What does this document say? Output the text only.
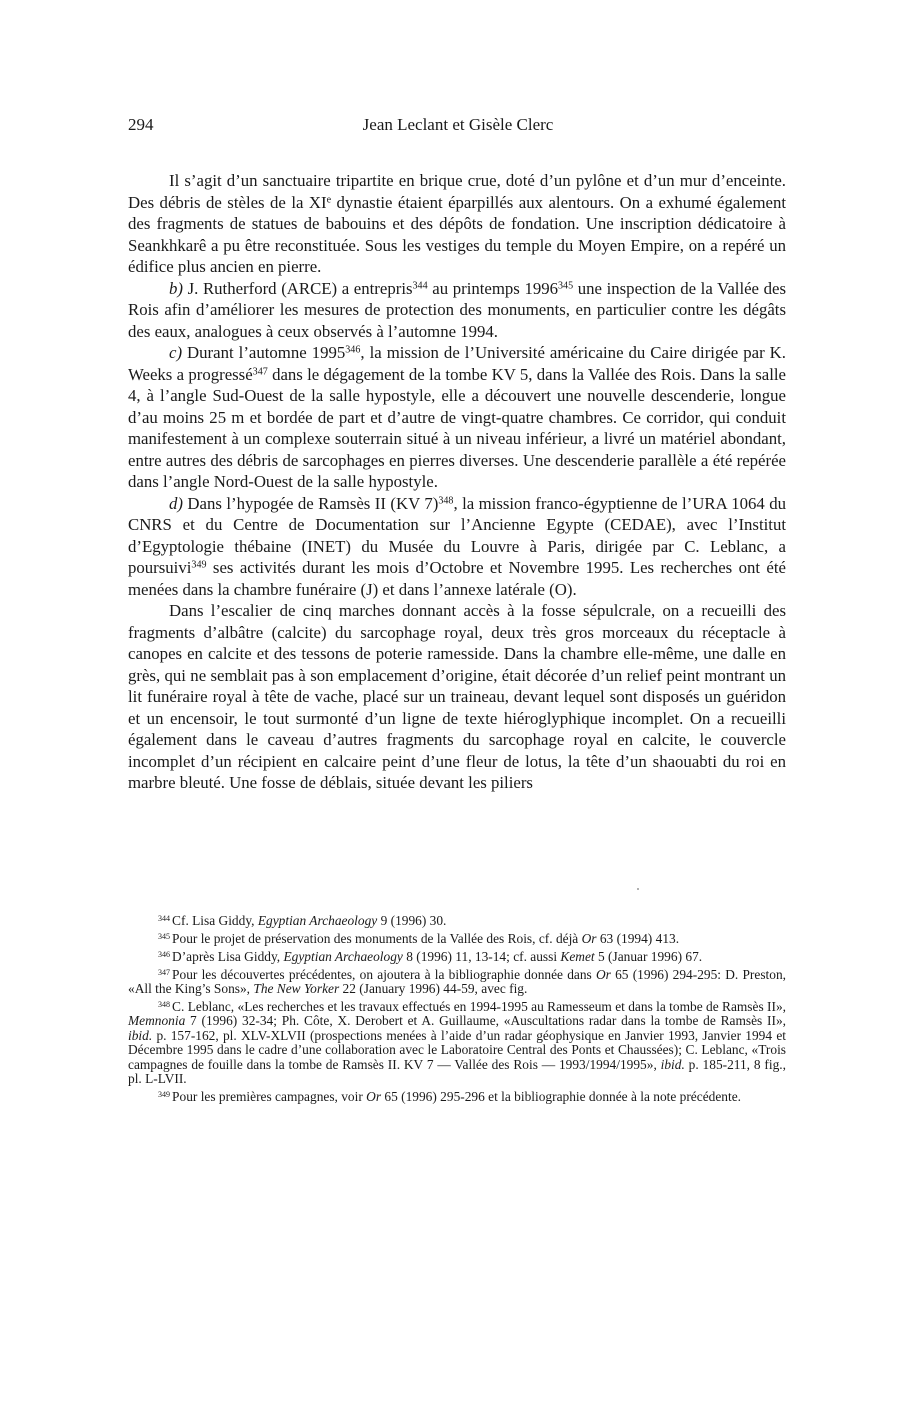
294	Jean Leclant et Gisèle Clerc

Il s’agit d’un sanctuaire tripartite en brique crue, doté d’un pylône et d’un mur d’enceinte. Des débris de stèles de la XIe dynastie étaient éparpillés aux alentours. On a exhumé également des fragments de statues de babouins et des dépôts de fondation. Une inscription dédicatoire à Seankhkarê a pu être reconstituée. Sous les vestiges du temple du Moyen Empire, on a repéré un édifice plus ancien en pierre.

b) J. Rutherford (ARCE) a entrepris$^{344}$ au printemps 1996$^{345}$ une inspection de la Vallée des Rois afin d’améliorer les mesures de protection des monuments, en particulier contre les dégâts des eaux, analogues à ceux observés à l’automne 1994.

c) Durant l’automne 1995$^{346}$, la mission de l’Université américaine du Caire dirigée par K. Weeks a progressé$^{347}$ dans le dégagement de la tombe KV 5, dans la Vallée des Rois. Dans la salle 4, à l’angle Sud-Ouest de la salle hypostyle, elle a découvert une nouvelle descenderie, longue d’au moins 25 m et bordée de part et d’autre de vingt-quatre chambres. Ce corridor, qui conduit manifestement à un complexe souterrain situé à un niveau inférieur, a livré un matériel abondant, entre autres des débris de sarcophages en pierres diverses. Une descenderie parallèle a été repérée dans l’angle Nord-Ouest de la salle hypostyle.

d) Dans l’hypogée de Ramsès II (KV 7)$^{348}$, la mission franco-égyptienne de l’URA 1064 du CNRS et du Centre de Documentation sur l’Ancienne Egypte (CEDAE), avec l’Institut d’Egyptologie thébaine (INET) du Musée du Louvre à Paris, dirigée par C. Leblanc, a poursuivi$^{349}$ ses activités durant les mois d’Octobre et Novembre 1995. Les recherches ont été menées dans la chambre funéraire (J) et dans l’annexe latérale (O).

Dans l’escalier de cinq marches donnant accès à la fosse sépulcrale, on a recueilli des fragments d’albâtre (calcite) du sarcophage royal, deux très gros morceaux du réceptacle à canopes en calcite et des tessons de poterie ramesside. Dans la chambre elle-même, une dalle en grès, qui ne semblait pas à son emplacement d’origine, était décorée d’un relief peint montrant un lit funéraire royal à tête de vache, placé sur un traineau, devant lequel sont disposés un guéridon et un encensoir, le tout surmonté d’un ligne de texte hiéroglyphique incomplet. On a recueilli également dans le caveau d’autres fragments du sarcophage royal en calcite, le couvercle incomplet d’un récipient en calcaire peint d’une fleur de lotus, la tête d’un shaouabti du roi en marbre bleuté. Une fosse de déblais, située devant les piliers

$^{344}$ Cf. Lisa Giddy, Egyptian Archaeology 9 (1996) 30.

$^{345}$ Pour le projet de préservation des monuments de la Vallée des Rois, cf. déjà Or 63 (1994) 413.

$^{346}$ D’après Lisa Giddy, Egyptian Archaeology 8 (1996) 11, 13-14; cf. aussi Kemet 5 (Januar 1996) 67.

$^{347}$ Pour les découvertes précédentes, on ajoutera à la bibliographie donnée dans Or 65 (1996) 294-295: D. Preston, «All the King’s Sons», The New Yorker 22 (January 1996) 44-59, avec fig.

$^{348}$ C. Leblanc, «Les recherches et les travaux effectués en 1994-1995 au Ramesseum et dans la tombe de Ramsès II», Memnonia 7 (1996) 32-34; Ph. Côte, X. Derobert et A. Guillaume, «Auscultations radar dans la tombe de Ramsès II», ibid. p. 157-162, pl. XLV-XLVII (prospections menées à l’aide d’un radar géophysique en Janvier 1993, Janvier 1994 et Décembre 1995 dans le cadre d’une collaboration avec le Laboratoire Central des Ponts et Chaussées); C. Leblanc, «Trois campagnes de fouille dans la tombe de Ramsès II. KV 7 — Vallée des Rois — 1993/1994/1995», ibid. p. 185-211, 8 fig., pl. L-LVII.

$^{349}$ Pour les premières campagnes, voir Or 65 (1996) 295-296 et la bibliographie donnée à la note précédente.
